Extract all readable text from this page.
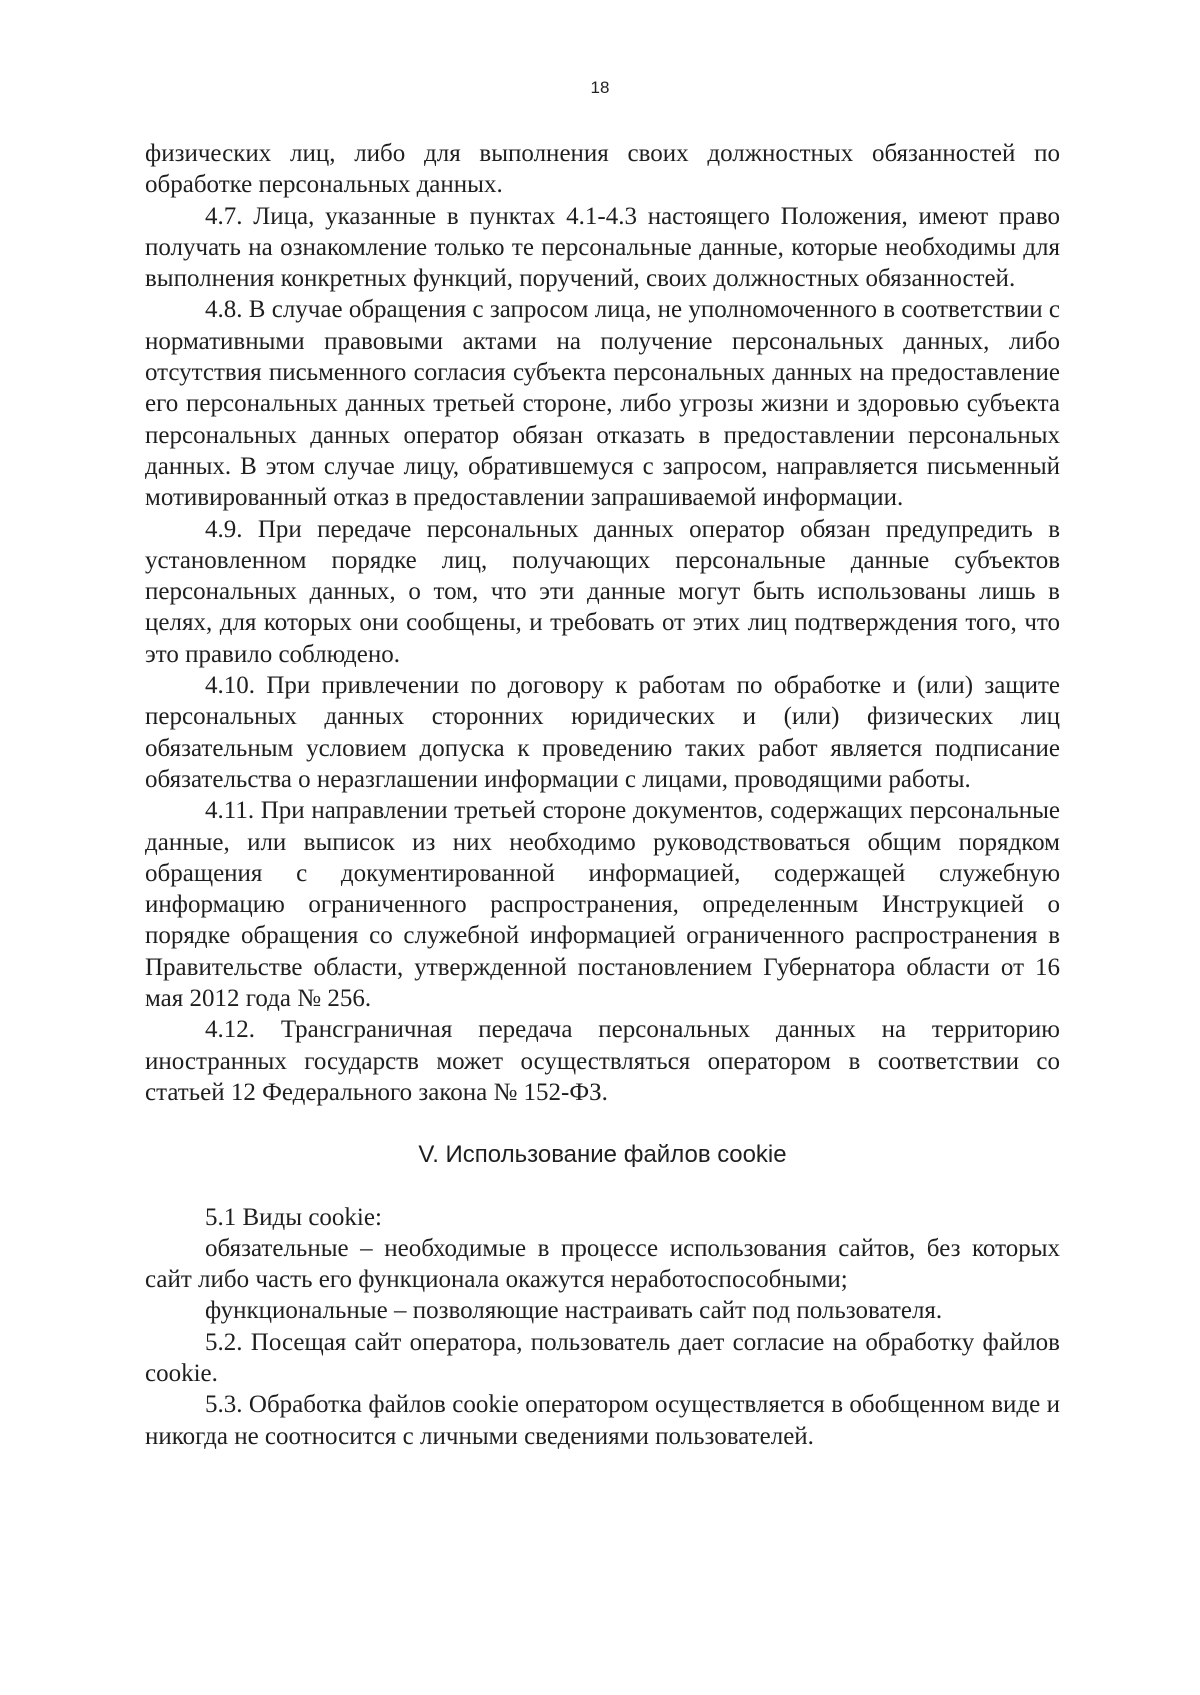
18

физических лиц, либо для выполнения своих должностных обязанностей по обработке персональных данных.

4.7. Лица, указанные в пунктах 4.1-4.3 настоящего Положения, имеют право получать на ознакомление только те персональные данные, которые необходимы для выполнения конкретных функций, поручений, своих должностных обязанностей.

4.8. В случае обращения с запросом лица, не уполномоченного в соответствии с нормативными правовыми актами на получение персональных данных, либо отсутствия письменного согласия субъекта персональных данных на предоставление его персональных данных третьей стороне, либо угрозы жизни и здоровью субъекта персональных данных оператор обязан отказать в предоставлении персональных данных. В этом случае лицу, обратившемуся с запросом, направляется письменный мотивированный отказ в предоставлении запрашиваемой информации.

4.9. При передаче персональных данных оператор обязан предупредить в установленном порядке лиц, получающих персональные данные субъектов персональных данных, о том, что эти данные могут быть использованы лишь в целях, для которых они сообщены, и требовать от этих лиц подтверждения того, что это правило соблюдено.

4.10. При привлечении по договору к работам по обработке и (или) защите персональных данных сторонних юридических и (или) физических лиц обязательным условием допуска к проведению таких работ является подписание обязательства о неразглашении информации с лицами, проводящими работы.

4.11. При направлении третьей стороне документов, содержащих персональные данные, или выписок из них необходимо руководствоваться общим порядком обращения с документированной информацией, содержащей служебную информацию ограниченного распространения, определенным Инструкцией о порядке обращения со служебной информацией ограниченного распространения в Правительстве области, утвержденной постановлением Губернатора области от 16 мая 2012 года № 256.

4.12. Трансграничная передача персональных данных на территорию иностранных государств может осуществляться оператором в соответствии со статьей 12 Федерального закона № 152-ФЗ.

V. Использование файлов cookie

5.1 Виды cookie:

обязательные – необходимые в процессе использования сайтов, без которых сайт либо часть его функционала окажутся неработоспособными;

функциональные – позволяющие настраивать сайт под пользователя.

5.2. Посещая сайт оператора, пользователь дает согласие на обработку файлов cookie.

5.3. Обработка файлов cookie оператором осуществляется в обобщенном виде и никогда не соотносится с личными сведениями пользователей.
